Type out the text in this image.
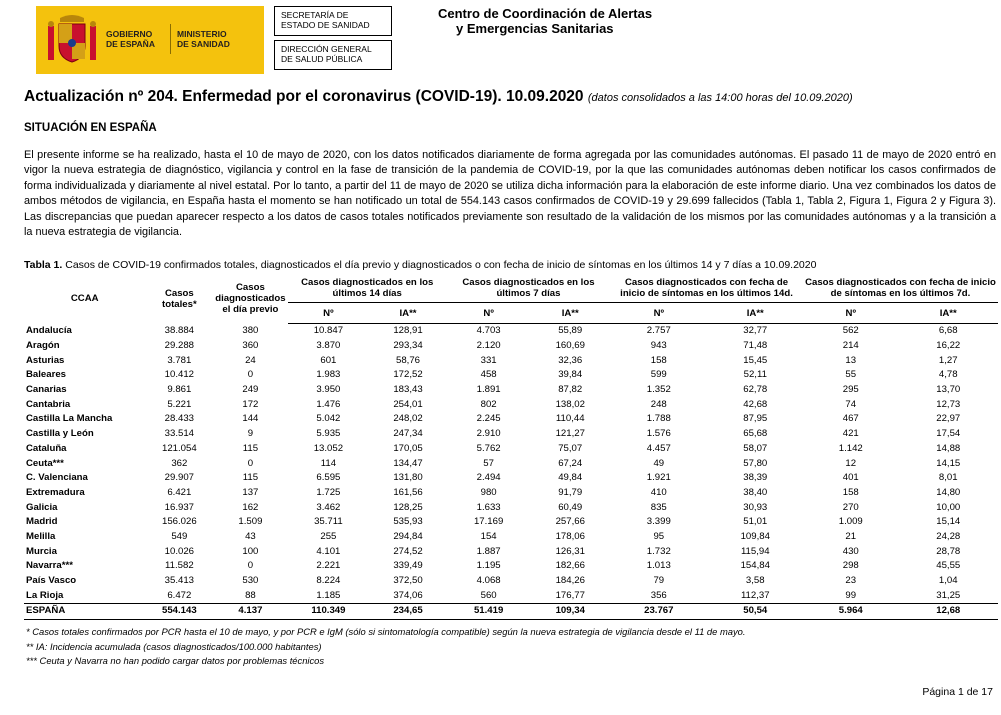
GOBIERNO
DE ESPAÑA
MINISTERIO
DE SANIDAD
SECRETARÍA DE ESTADO DE SANIDAD
DIRECCIÓN GENERAL DE SALUD PÚBLICA
Centro de Coordinación de Alertas
y Emergencias Sanitarias
Actualización nº 204. Enfermedad por el coronavirus (COVID-19). 10.09.2020 (datos consolidados a las 14:00 horas del 10.09.2020)
SITUACIÓN EN ESPAÑA
El presente informe se ha realizado, hasta el 10 de mayo de 2020, con los datos notificados diariamente de forma agregada por las comunidades autónomas. El pasado 11 de mayo de 2020 entró en vigor la nueva estrategia de diagnóstico, vigilancia y control en la fase de transición de la pandemia de COVID-19, por la que las comunidades autónomas deben notificar los casos confirmados de forma individualizada y diariamente al nivel estatal. Por lo tanto, a partir del 11 de mayo de 2020 se utiliza dicha información para la elaboración de este informe diario. Una vez combinados los datos de ambos métodos de vigilancia, en España hasta el momento se han notificado un total de 554.143 casos confirmados de COVID-19 y 29.699 fallecidos (Tabla 1, Tabla 2, Figura 1, Figura 2 y Figura 3). Las discrepancias que puedan aparecer respecto a los datos de casos totales notificados previamente son resultado de la validación de los mismos por las comunidades autónomas y a la transición a la nueva estrategia de vigilancia.
Tabla 1. Casos de COVID-19 confirmados totales, diagnosticados el día previo y diagnosticados o con fecha de inicio de síntomas en los últimos 14 y 7 días a 10.09.2020
CCAA	Casos totales*	Casos diagnosticados el día previo	Casos diagnosticados en los últimos 14 días		Casos diagnosticados en los últimos 7 días		Casos diagnosticados con fecha de inicio de síntomas en los últimos 14d.		Casos diagnosticados con fecha de inicio de síntomas en los últimos 7d.	
			Nº	IA**	Nº	IA**	Nº	IA**	Nº	IA**
Andalucía	38.884	380	10.847	128,91	4.703	55,89	2.757	32,77	562	6,68
Aragón	29.288	360	3.870	293,34	2.120	160,69	943	71,48	214	16,22
Asturias	3.781	24	601	58,76	331	32,36	158	15,45	13	1,27
Baleares	10.412	0	1.983	172,52	458	39,84	599	52,11	55	4,78
Canarias	9.861	249	3.950	183,43	1.891	87,82	1.352	62,78	295	13,70
Cantabria	5.221	172	1.476	254,01	802	138,02	248	42,68	74	12,73
Castilla La Mancha	28.433	144	5.042	248,02	2.245	110,44	1.788	87,95	467	22,97
Castilla y León	33.514	9	5.935	247,34	2.910	121,27	1.576	65,68	421	17,54
Cataluña	121.054	115	13.052	170,05	5.762	75,07	4.457	58,07	1.142	14,88
Ceuta***	362	0	114	134,47	57	67,24	49	57,80	12	14,15
C. Valenciana	29.907	115	6.595	131,80	2.494	49,84	1.921	38,39	401	8,01
Extremadura	6.421	137	1.725	161,56	980	91,79	410	38,40	158	14,80
Galicia	16.937	162	3.462	128,25	1.633	60,49	835	30,93	270	10,00
Madrid	156.026	1.509	35.711	535,93	17.169	257,66	3.399	51,01	1.009	15,14
Melilla	549	43	255	294,84	154	178,06	95	109,84	21	24,28
Murcia	10.026	100	4.101	274,52	1.887	126,31	1.732	115,94	430	28,78
Navarra***	11.582	0	2.221	339,49	1.195	182,66	1.013	154,84	298	45,55
País Vasco	35.413	530	8.224	372,50	4.068	184,26	79	3,58	23	1,04
La Rioja	6.472	88	1.185	374,06	560	176,77	356	112,37	99	31,25
ESPAÑA	554.143	4.137	110.349	234,65	51.419	109,34	23.767	50,54	5.964	12,68
* Casos totales confirmados por PCR hasta el 10 de mayo, y por PCR e IgM (sólo si sintomatología compatible) según la nueva estrategia de vigilancia desde el 11 de mayo.
** IA: Incidencia acumulada (casos diagnosticados/100.000 habitantes)
*** Ceuta y Navarra no han podido cargar datos por problemas técnicos
Página 1 de 17
